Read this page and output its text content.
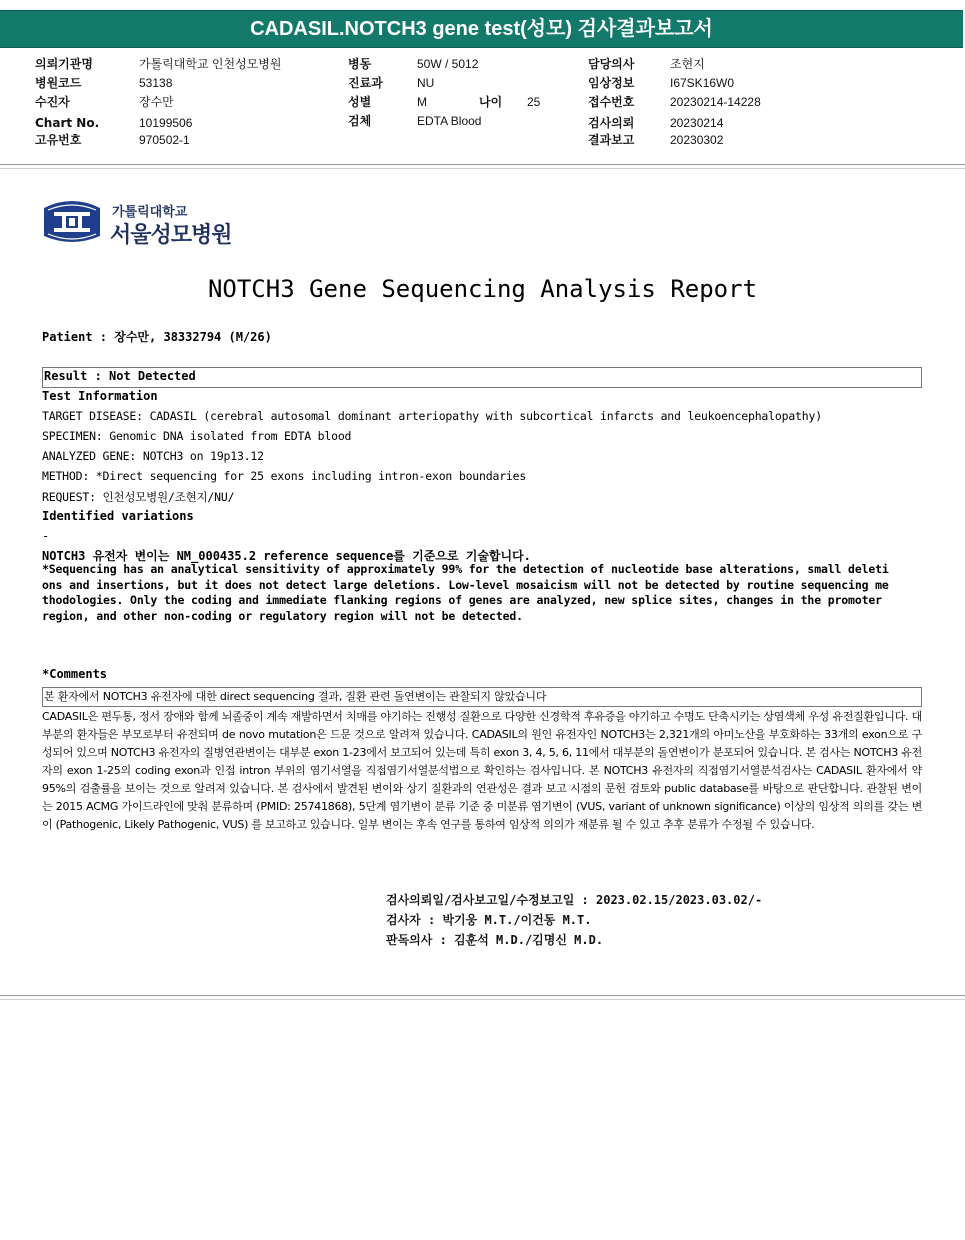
CADASIL.NOTCH3 gene test(성모) 검사결과보고서
의뢰기관명	가톨릭대학교 인천성모병원
병원코드	53138
수진자	장수만
Chart No.	10199506
고유번호	970502-1
병동	50W / 5012
진료과	NU
성별	M	나이 25
검체	EDTA Blood
담당의사	조현지
임상정보	I67SK16W0
접수번호	20230214-14228
검사의뢰	20230214
결과보고	20230302
가톨릭대학교
서울성모병원
NOTCH3 Gene Sequencing Analysis Report
Patient : 장수만, 38332794 (M/26)
Result : Not Detected
Test Information
TARGET DISEASE: CADASIL (cerebral autosomal dominant arteriopathy with subcortical infarcts and leukoencephalopathy)
SPECIMEN: Genomic DNA isolated from EDTA blood
ANALYZED GENE: NOTCH3 on 19p13.12
METHOD: *Direct sequencing for 25 exons including intron-exon boundaries
REQUEST: 인천성모병원/조현지/NU/
Identified variations
-
NOTCH3 유전자 변이는 NM_000435.2 reference sequence를 기준으로 기술합니다.
*Sequencing has an analytical sensitivity of approximately 99% for the detection of nucleotide base alterations, small deleti
ons and insertions, but it does not detect large deletions. Low-level mosaicism will not be detected by routine sequencing me
thodologies. Only the coding and immediate flanking regions of genes are analyzed, new splice sites, changes in the promoter
region, and other non-coding or regulatory region will not be detected.
*Comments
본 환자에서 NOTCH3 유전자에 대한 direct sequencing 결과, 질환 관련 돌연변이는 관찰되지 않았습니다
CADASIL은 편두통, 정서 장애와 함께 뇌졸중이 계속 재발하면서 치매를 야기하는 진행성 질환으로 다양한 신경학적 후유증을 야기하고 수명도 단축시키는 상염색체 우성 유전질환입니다. 대부분의 환자들은 부모로부터 유전되며 de novo mutation은 드문 것으로 알려져 있습니다. CADASIL의 원인 유전자인 NOTCH3는 2,321개의 아미노산을 부호화하는 33개의 exon으로 구성되어 있으며 NOTCH3 유전자의 질병연관변이는 대부분 exon 1-23에서 보고되어 있는데 특히 exon 3, 4, 5, 6, 11에서 대부분의 돌연변이가 분포되어 있습니다. 본 검사는 NOTCH3 유전자의 exon 1-25의 coding exon과 인접 intron 부위의 염기서열을 직접염기서열분석법으로 확인하는 검사입니다. 본 NOTCH3 유전자의 직접염기서열분석검사는 CADASIL 환자에서 약 95%의 검출률을 보이는 것으로 알려져 있습니다. 본 검사에서 발견된 변이와 상기 질환과의 연관성은 결과 보고 시점의 문헌 검토와 public database를 바탕으로 판단합니다. 관찰된 변이는 2015 ACMG 가이드라인에 맞춰 분류하며 (PMID: 25741868), 5단계 염기변이 분류 기준 중 미분류 염기변이 (VUS, variant of unknown significance) 이상의 임상적 의의를 갖는 변이 (Pathogenic, Likely Pathogenic, VUS) 를 보고하고 있습니다. 일부 변이는 후속 연구를 통하여 임상적 의의가 재분류 될 수 있고 추후 분류가 수정될 수 있습니다.
검사의뢰일/검사보고일/수정보고일 : 2023.02.15/2023.03.02/-
검사자 : 박기웅 M.T./이건동 M.T.
판독의사 : 김훈석 M.D./김명신 M.D.
